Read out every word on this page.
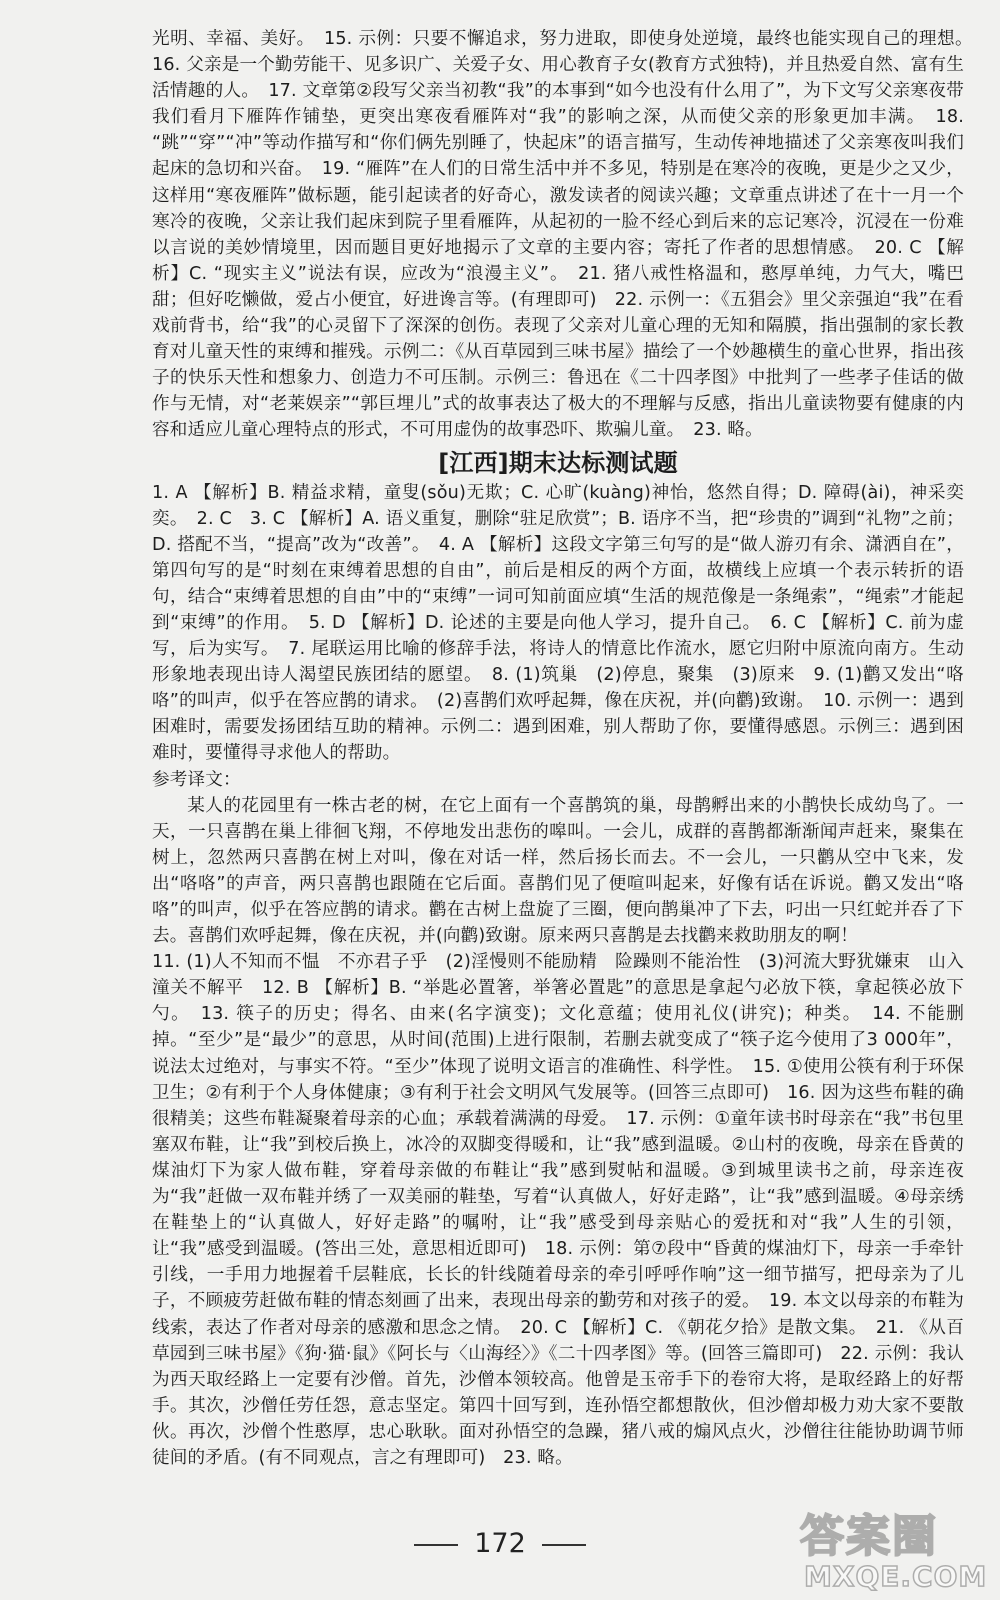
光明、幸福、美好。　15. 示例：只要不懈追求，努力进取，即使身处逆境，最终也能实现自己的理想。　16. 父亲是一个勤劳能干、见多识广、关爱子女、用心教育子女(教育方式独特)，并且热爱自然、富有生活情趣的人。　17. 文章第②段写父亲当初教“我”的本事到“如今也没有什么用了”，为下文写父亲寒夜带我们看月下雁阵作铺垫，更突出寒夜看雁阵对“我”的影响之深，从而使父亲的形象更加丰满。　18. “跳”“穿”“冲”等动作描写和“你们俩先别睡了，快起床”的语言描写，生动传神地描述了父亲寒夜叫我们起床的急切和兴奋。　19. “雁阵”在人们的日常生活中并不多见，特别是在寒冷的夜晚，更是少之又少，这样用“寒夜雁阵”做标题，能引起读者的好奇心，激发读者的阅读兴趣；文章重点讲述了在十一月一个寒冷的夜晚，父亲让我们起床到院子里看雁阵，从起初的一脸不经心到后来的忘记寒冷，沉浸在一份难以言说的美妙情境里，因而题目更好地揭示了文章的主要内容；寄托了作者的思想情感。　20. C 【解析】C. “现实主义”说法有误，应改为“浪漫主义”。　21. 猪八戒性格温和，憨厚单纯，力气大，嘴巴甜；但好吃懒做，爱占小便宜，好进谗言等。(有理即可)　22. 示例一：《五猖会》里父亲强迫“我”在看戏前背书，给“我”的心灵留下了深深的创伤。表现了父亲对儿童心理的无知和隔膜，指出强制的家长教育对儿童天性的束缚和摧残。示例二：《从百草园到三味书屋》描绘了一个妙趣横生的童心世界，指出孩子的快乐天性和想象力、创造力不可压制。示例三：鲁迅在《二十四孝图》中批判了一些孝子佳话的做作与无情，对“老莱娱亲”“郭巨埋儿”式的故事表达了极大的不理解与反感，指出儿童读物要有健康的内容和适应儿童心理特点的形式，不可用虚伪的故事恐吓、欺骗儿童。　23. 略。

[江西]期末达标测试题

1. A 【解析】B. 精益求精，童叟(sǒu)无欺；C. 心旷(kuàng)神怡，悠然自得；D. 障碍(ài)，神采奕奕。　2. C　3. C 【解析】A. 语义重复，删除“驻足欣赏”；B. 语序不当，把“珍贵的”调到“礼物”之前；D. 搭配不当，“提高”改为“改善”。　4. A 【解析】这段文字第三句写的是“做人游刃有余、潇洒自在”，第四句写的是“时刻在束缚着思想的自由”，前后是相反的两个方面，故横线上应填一个表示转折的语句，结合“束缚着思想的自由”中的“束缚”一词可知前面应填“生活的规范像是一条绳索”，“绳索”才能起到“束缚”的作用。　5. D 【解析】D. 论述的主要是向他人学习，提升自己。　6. C 【解析】C. 前为虚写，后为实写。　7. 尾联运用比喻的修辞手法，将诗人的情意比作流水，愿它归附中原流向南方。生动形象地表现出诗人渴望民族团结的愿望。　8. (1)筑巢　(2)停息，聚集　(3)原来　9. (1)鹳又发出“咯咯”的叫声，似乎在答应鹊的请求。　(2)喜鹊们欢呼起舞，像在庆祝，并(向鹳)致谢。　10. 示例一：遇到困难时，需要发扬团结互助的精神。示例二：遇到困难，别人帮助了你，要懂得感恩。示例三：遇到困难时，要懂得寻求他人的帮助。

参考译文：

某人的花园里有一株古老的树，在它上面有一个喜鹊筑的巢，母鹊孵出来的小鹊快长成幼鸟了。一天，一只喜鹊在巢上徘徊飞翔，不停地发出悲伤的嗥叫。一会儿，成群的喜鹊都渐渐闻声赶来，聚集在树上，忽然两只喜鹊在树上对叫，像在对话一样，然后扬长而去。不一会儿，一只鹳从空中飞来，发出“咯咯”的声音，两只喜鹊也跟随在它后面。喜鹊们见了便喧叫起来，好像有话在诉说。鹳又发出“咯咯”的叫声，似乎在答应鹊的请求。鹳在古树上盘旋了三圈，便向鹊巢冲了下去，叼出一只红蛇并吞了下去。喜鹊们欢呼起舞，像在庆祝，并(向鹳)致谢。原来两只喜鹊是去找鹳来救助朋友的啊！

11. (1)人不知而不愠　不亦君子乎　(2)淫慢则不能励精　险躁则不能治性　(3)河流大野犹嫌束　山入潼关不解平　12. B 【解析】B. “举匙必置箸，举箸必置匙”的意思是拿起勺必放下筷，拿起筷必放下勺。　13. 筷子的历史；得名、由来(名字演变)；文化意蕴；使用礼仪(讲究)；种类。　14. 不能删掉。“至少”是“最少”的意思，从时间(范围)上进行限制，若删去就变成了“筷子迄今使用了3 000年”，说法太过绝对，与事实不符。“至少”体现了说明文语言的准确性、科学性。　15. ①使用公筷有利于环保卫生；②有利于个人身体健康；③有利于社会文明风气发展等。(回答三点即可)　16. 因为这些布鞋的确很精美；这些布鞋凝聚着母亲的心血；承载着满满的母爱。　17. 示例：①童年读书时母亲在“我”书包里塞双布鞋，让“我”到校后换上，冰冷的双脚变得暖和，让“我”感到温暖。②山村的夜晚，母亲在昏黄的煤油灯下为家人做布鞋，穿着母亲做的布鞋让“我”感到熨帖和温暖。③到城里读书之前，母亲连夜为“我”赶做一双布鞋并绣了一双美丽的鞋垫，写着“认真做人，好好走路”，让“我”感到温暖。④母亲绣在鞋垫上的“认真做人，好好走路”的嘱咐，让“我”感受到母亲贴心的爱抚和对“我”人生的引领，让“我”感受到温暖。(答出三处，意思相近即可)　18. 示例：第⑦段中“昏黄的煤油灯下，母亲一手牵针引线，一手用力地握着千层鞋底，长长的针线随着母亲的牵引呼呼作响”这一细节描写，把母亲为了儿子，不顾疲劳赶做布鞋的情态刻画了出来，表现出母亲的勤劳和对孩子的爱。　19. 本文以母亲的布鞋为线索，表达了作者对母亲的感激和思念之情。　20. C 【解析】C. 《朝花夕拾》是散文集。　21. 《从百草园到三味书屋》《狗·猫·鼠》《阿长与〈山海经〉》《二十四孝图》等。(回答三篇即可)　22. 示例：我认为西天取经路上一定要有沙僧。首先，沙僧本领较高。他曾是玉帝手下的卷帘大将，是取经路上的好帮手。其次，沙僧任劳任怨，意志坚定。第四十回写到，连孙悟空都想散伙，但沙僧却极力劝大家不要散伙。再次，沙僧个性憨厚，忠心耿耿。面对孙悟空的急躁，猪八戒的煽风点火，沙僧往往能协助调节师徒间的矛盾。(有不同观点，言之有理即可)　23. 略。

172	答案圈
MXQE.COM
